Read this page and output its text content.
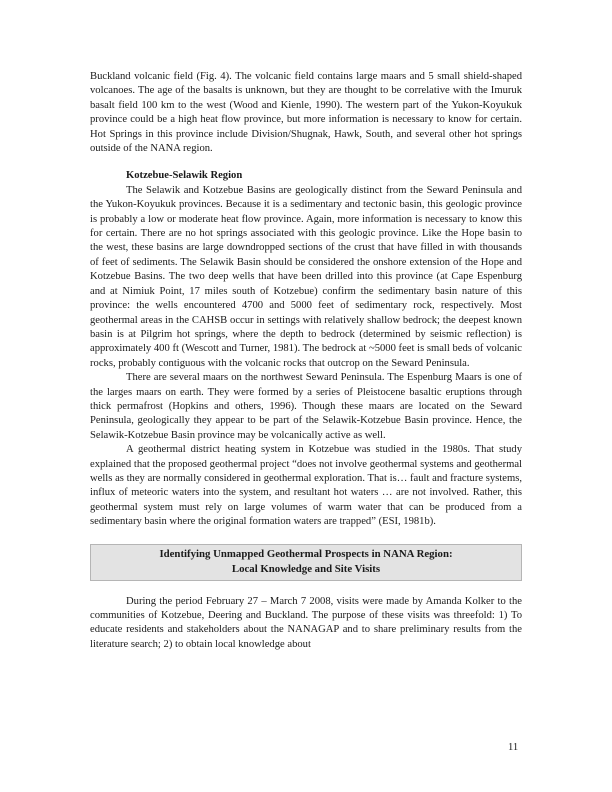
Buckland volcanic field (Fig. 4). The volcanic field contains large maars and 5 small shield-shaped volcanoes. The age of the basalts is unknown, but they are thought to be correlative with the Imuruk basalt field 100 km to the west (Wood and Kienle, 1990). The western part of the Yukon-Koyukuk province could be a high heat flow province, but more information is necessary to know for certain. Hot Springs in this province include Division/Shugnak, Hawk, South, and several other hot springs outside of the NANA region.

Kotzebue-Selawik Region

The Selawik and Kotzebue Basins are geologically distinct from the Seward Peninsula and the Yukon-Koyukuk provinces. Because it is a sedimentary and tectonic basin, this geologic province is probably a low or moderate heat flow province. Again, more information is necessary to know this for certain. There are no hot springs associated with this geologic province. Like the Hope basin to the west, these basins are large downdropped sections of the crust that have filled in with thousands of feet of sediments. The Selawik Basin should be considered the onshore extension of the Hope and Kotzebue Basins. The two deep wells that have been drilled into this province (at Cape Espenburg and at Nimiuk Point, 17 miles south of Kotzebue) confirm the sedimentary basin nature of this province: the wells encountered 4700 and 5000 feet of sedimentary rock, respectively. Most geothermal areas in the CAHSB occur in settings with relatively shallow bedrock; the deepest known basin is at Pilgrim hot springs, where the depth to bedrock (determined by seismic reflection) is approximately 400 ft (Wescott and Turner, 1981). The bedrock at ~5000 feet is small beds of volcanic rocks, probably contiguous with the volcanic rocks that outcrop on the Seward Peninsula.

There are several maars on the northwest Seward Peninsula. The Espenburg Maars is one of the larges maars on earth. They were formed by a series of Pleistocene basaltic eruptions through thick permafrost (Hopkins and others, 1996). Though these maars are located on the Seward Peninsula, geologically they appear to be part of the Selawik-Kotzebue Basin province. Hence, the Selawik-Kotzebue Basin province may be volcanically active as well.

A geothermal district heating system in Kotzebue was studied in the 1980s. That study explained that the proposed geothermal project “does not involve geothermal systems and geothermal wells as they are normally considered in geothermal exploration. That is… fault and fracture systems, influx of meteoric waters into the system, and resultant hot waters … are not involved. Rather, this geothermal system must rely on large volumes of warm water that can be produced from a sedimentary basin where the original formation waters are trapped” (ESI, 1981b).

Identifying Unmapped Geothermal Prospects in NANA Region:
Local Knowledge and Site Visits

During the period February 27 – March 7 2008, visits were made by Amanda Kolker to the communities of Kotzebue, Deering and Buckland. The purpose of these visits was threefold: 1) To educate residents and stakeholders about the NANAGAP and to share preliminary results from the literature search; 2) to obtain local knowledge about

11
